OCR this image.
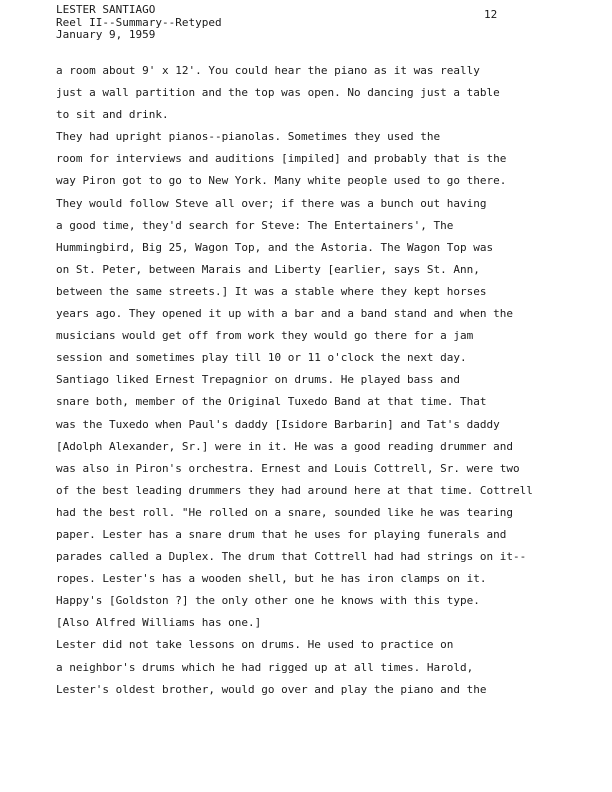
LESTER SANTIAGO
Reel II--Summary--Retyped
January 9, 1959
12
a room about 9' x 12'. You could hear the piano as it was really
just a wall partition and the top was open. No dancing just a table
to sit and drink.
They had upright pianos--pianolas. Sometimes they used the
room for interviews and auditions [impiled] and probably that is the
way Piron got to go to New York. Many white people used to go there.
They would follow Steve all over; if there was a bunch out having
a good time, they'd search for Steve: The Entertainers', The
Hummingbird, Big 25, Wagon Top, and the Astoria. The Wagon Top was
on St. Peter, between Marais and Liberty [earlier, says St. Ann,
between the same streets.] It was a stable where they kept horses
years ago. They opened it up with a bar and a band stand and when the
musicians would get off from work they would go there for a jam
session and sometimes play till 10 or 11 o'clock the next day.
Santiago liked Ernest Trepagnior on drums. He played bass and
snare both, member of the Original Tuxedo Band at that time. That
was the Tuxedo when Paul's daddy [Isidore Barbarin] and Tat's daddy
[Adolph Alexander, Sr.] were in it. He was a good reading drummer and
was also in Piron's orchestra. Ernest and Louis Cottrell, Sr. were two
of the best leading drummers they had around here at that time. Cottrell
had the best roll. "He rolled on a snare, sounded like he was tearing
paper. Lester has a snare drum that he uses for playing funerals and
parades called a Duplex. The drum that Cottrell had had strings on it--
ropes. Lester's has a wooden shell, but he has iron clamps on it.
Happy's [Goldston ?] the only other one he knows with this type.
[Also Alfred Williams has one.]
Lester did not take lessons on drums. He used to practice on
a neighbor's drums which he had rigged up at all times. Harold,
Lester's oldest brother, would go over and play the piano and the
